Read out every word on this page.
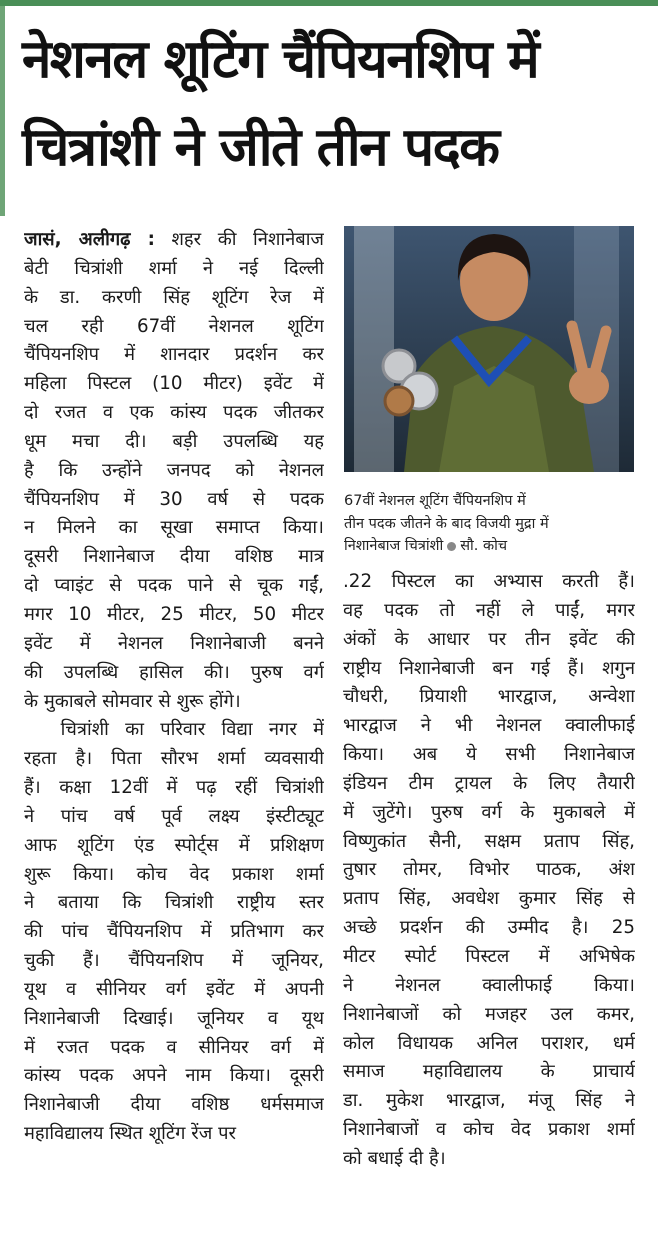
नेशनल शूटिंग चैंपियनशिप में
चित्रांशी ने जीते तीन पदक
जासं, अलीगढ़ : शहर की निशानेबाज
बेटी चित्रांशी शर्मा ने नई दिल्ली
के डा. करणी सिंह शूटिंग रेज में
चल रही 67वीं नेशनल शूटिंग
चैंपियनशिप में शानदार प्रदर्शन कर
महिला पिस्टल (10 मीटर) इवेंट में
दो रजत व एक कांस्य पदक जीतकर
धूम मचा दी। बड़ी उपलब्धि यह
है कि उन्होंने जनपद को नेशनल
चैंपियनशिप में 30 वर्ष से पदक
न मिलने का सूखा समाप्त किया।
दूसरी निशानेबाज दीया वशिष्ठ मात्र
दो प्वाइंट से पदक पाने से चूक गईं,
मगर 10 मीटर, 25 मीटर, 50 मीटर
इवेंट में नेशनल निशानेबाजी बनने
की उपलब्धि हासिल की। पुरुष वर्ग
के मुकाबले सोमवार से शुरू होंगे।
  चित्रांशी का परिवार विद्या नगर में
रहता है। पिता सौरभ शर्मा व्यवसायी
हैं। कक्षा 12वीं में पढ़ रहीं चित्रांशी
ने पांच वर्ष पूर्व लक्ष्य इंस्टीट्यूट
आफ शूटिंग एंड स्पोर्ट्स में प्रशिक्षण
शुरू किया। कोच वेद प्रकाश शर्मा
ने बताया कि चित्रांशी राष्ट्रीय स्तर
की पांच चैंपियनशिप में प्रतिभाग कर
चुकी हैं। चैंपियनशिप में जूनियर,
यूथ व सीनियर वर्ग इवेंट में अपनी
निशानेबाजी दिखाई। जूनियर व यूथ
में रजत पदक व सीनियर वर्ग में
कांस्य पदक अपने नाम किया। दूसरी
निशानेबाजी दीया वशिष्ठ धर्मसमाज
महाविद्यालय स्थित शूटिंग रेंज पर
67वीं नेशनल शूटिंग चैंपियनशिप में
तीन पदक जीतने के बाद विजयी मुद्रा में
निशानेबाज चित्रांशी सौ. कोच
.22 पिस्टल का अभ्यास करती हैं।
वह पदक तो नहीं ले पाईं, मगर
अंकों के आधार पर तीन इवेंट की
राष्ट्रीय निशानेबाजी बन गई हैं। शगुन
चौधरी, प्रियाशी भारद्वाज, अन्वेशा
भारद्वाज ने भी नेशनल क्वालीफाई
किया। अब ये सभी निशानेबाज
इंडियन टीम ट्रायल के लिए तैयारी
में जुटेंगे। पुरुष वर्ग के मुकाबले में
विष्णुकांत सैनी, सक्षम प्रताप सिंह,
तुषार तोमर, विभोर पाठक, अंश
प्रताप सिंह, अवधेश कुमार सिंह से
अच्छे प्रदर्शन की उम्मीद है। 25
मीटर स्पोर्ट पिस्टल में अभिषेक
ने नेशनल क्वालीफाई किया।
निशानेबाजों को मजहर उल कमर,
कोल विधायक अनिल पराशर, धर्म
समाज महाविद्यालय के प्राचार्य
डा. मुकेश भारद्वाज, मंजू सिंह ने
निशानेबाजों व कोच वेद प्रकाश शर्मा
को बधाई दी है।
